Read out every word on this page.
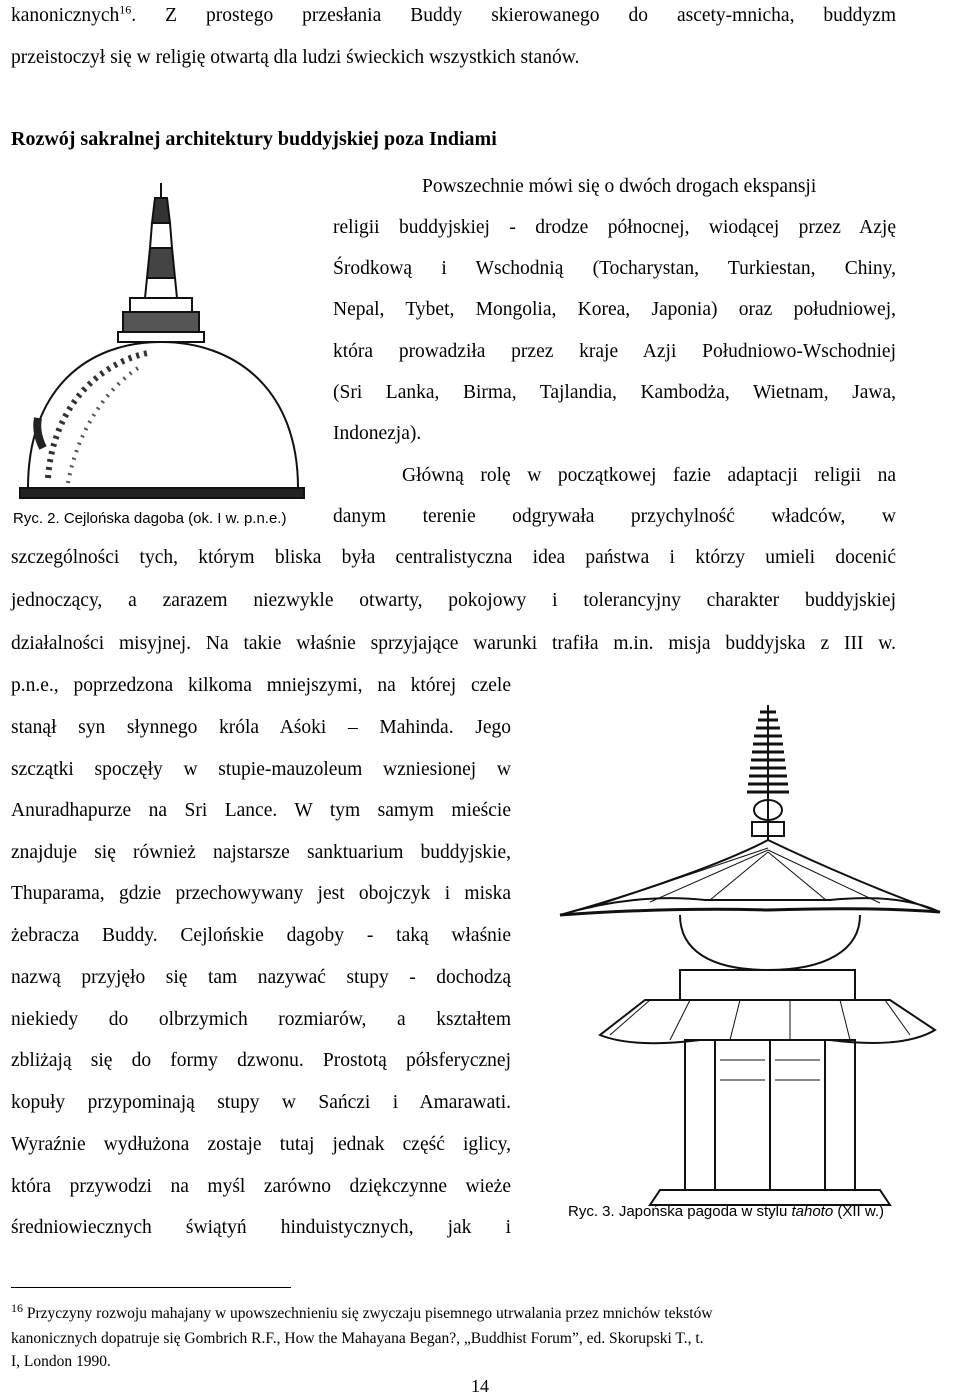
kanonicznych$^{16}$. Z prostego przesłania Buddy skierowanego do ascety-mnicha, buddyzm
przeistoczył się w religię otwartą dla ludzi świeckich wszystkich stanów.
Rozwój sakralnej architektury buddyjskiej poza Indiami
Ryc. 2. Cejlońska dagoba (ok. I w. p.n.e.)
Powszechnie mówi się o dwóch drogach ekspansji
religii buddyjskiej - drodze północnej, wiodącej przez Azję
Środkową i Wschodnią (Tocharystan, Turkiestan, Chiny,
Nepal, Tybet, Mongolia, Korea, Japonia) oraz południowej,
która prowadziła przez kraje Azji Południowo-Wschodniej
(Sri Lanka, Birma, Tajlandia, Kambodża, Wietnam, Jawa,
Indonezja).
Główną rolę w początkowej fazie adaptacji religii na
danym terenie odgrywała przychylność władców, w
szczególności tych, którym bliska była centralistyczna idea państwa i którzy umieli docenić
jednoczący, a zarazem niezwykle otwarty, pokojowy i tolerancyjny charakter buddyjskiej
działalności misyjnej. Na takie właśnie sprzyjające warunki trafiła m.in. misja buddyjska z III w.
p.n.e., poprzedzona kilkoma mniejszymi, na której czele
stanął syn słynnego króla Aśoki – Mahinda. Jego
szczątki spoczęły w stupie-mauzoleum wzniesionej w
Anuradhapurze na Sri Lance. W tym samym mieście
znajduje się również najstarsze sanktuarium buddyjskie,
Thuparama, gdzie przechowywany jest obojczyk i miska
żebracza Buddy. Cejlońskie dagoby - taką właśnie
nazwą przyjęło się tam nazywać stupy - dochodzą
niekiedy do olbrzymich rozmiarów, a kształtem
zbliżają się do formy dzwonu. Prostotą półsferycznej
kopuły przypominają stupy w Sańczi i Amarawati.
Wyraźnie wydłużona zostaje tutaj jednak część iglicy,
która przywodzi na myśl zarówno dziękczynne wieże
średniowiecznych świątyń hinduistycznych, jak i
Ryc. 3. Japońska pagoda w stylu tahoto (XII w.)
$^{16}$ Przyczyny rozwoju mahajany w upowszechnieniu się zwyczaju pisemnego utrwalania przez mnichów tekstów
kanonicznych dopatruje się Gombrich R.F., How the Mahayana Began?, „Buddhist Forum”, ed. Skorupski T., t.
I, London 1990.
14
